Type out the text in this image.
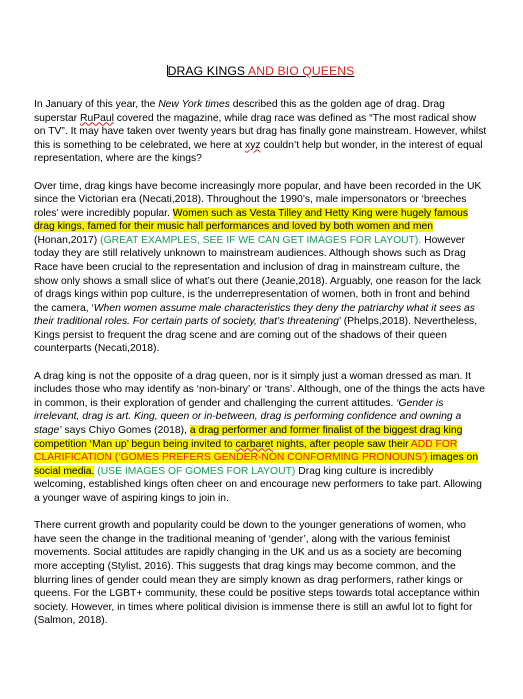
DRAG KINGS AND BIO QUEENS

In January of this year, the New York times described this as the golden age of drag. Drag superstar RuPaul covered the magazine, while drag race was defined as “The most radical show on TV”. It may have taken over twenty years but drag has finally gone mainstream. However, whilst this is something to be celebrated, we here at xyz couldn’t help but wonder, in the interest of equal representation, where are the kings?

Over time, drag kings have become increasingly more popular, and have been recorded in the UK since the Victorian era (Necati,2018). Throughout the 1990’s, male impersonators or ‘breeches roles’ were incredibly popular. Women such as Vesta Tilley and Hetty King were hugely famous drag kings, famed for their music hall performances and loved by both women and men (Honan,2017) (GREAT EXAMPLES, SEE IF WE CAN GET IMAGES FOR LAYOUT). However today they are still relatively unknown to mainstream audiences. Although shows such as Drag Race have been crucial to the representation and inclusion of drag in mainstream culture, the show only shows a small slice of what’s out there (Jeanie,2018). Arguably, one reason for the lack of drags kings within pop culture, is the underrepresentation of women, both in front and behind the camera, ‘When women assume male characteristics they deny the patriarchy what it sees as their traditional roles. For certain parts of society, that’s threatening’ (Phelps,2018). Nevertheless, Kings persist to frequent the drag scene and are coming out of the shadows of their queen counterparts (Necati,2018).

A drag king is not the opposite of a drag queen, nor is it simply just a woman dressed as man. It includes those who may identify as ‘non-binary’ or ‘trans’. Although, one of the things the acts have in common, is their exploration of gender and challenging the current attitudes. ‘Gender is irrelevant, drag is art. King, queen or in-between, drag is performing confidence and owning a stage’ says Chiyo Gomes (2018), a drag performer and former finalist of the biggest drag king competition ‘Man up’ begun being invited to carbaret nights, after people saw their ADD FOR CLARIFICATION (‘GOMES PREFERS GENDER-NON CONFORMING PRONOUNS’) images on social media. (USE IMAGES OF GOMES FOR LAYOUT) Drag king culture is incredibly welcoming, established kings often cheer on and encourage new performers to take part. Allowing a younger wave of aspiring kings to join in.

There current growth and popularity could be down to the younger generations of women, who have seen the change in the traditional meaning of ‘gender’, along with the various feminist movements. Social attitudes are rapidly changing in the UK and us as a society are becoming more accepting (Stylist, 2016). This suggests that drag kings may become common, and the blurring lines of gender could mean they are simply known as drag performers, rather kings or queens. For the LGBT+ community, these could be positive steps towards total acceptance within society. However, in times where political division is immense there is still an awful lot to fight for (Salmon, 2018).
